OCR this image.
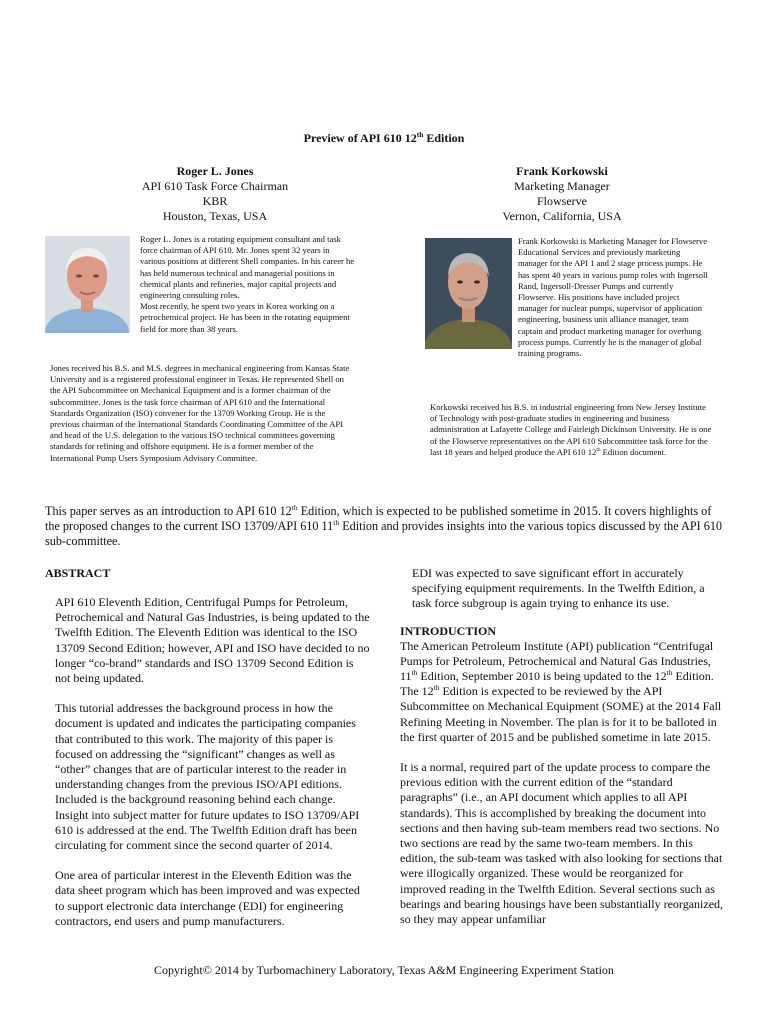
Preview of API 610 12th Edition
Roger L. Jones
API 610 Task Force Chairman
KBR
Houston, Texas, USA
Frank Korkowski
Marketing Manager
Flowserve
Vernon, California, USA

Roger L. Jones is a rotating equipment consultant and task force chairman of API 610. Mr. Jones spent 32 years in various positions at different Shell companies. In his career he has held numerous technical and managerial positions in chemical plants and refineries, major capital projects and engineering consulting roles.

Most recently, he spent two years in Korea working on a petrochemical project. He has been in the rotating equipment field for more than 38 years.

Jones received his B.S. and M.S. degrees in mechanical engineering from Kansas State University and is a registered professional engineer in Texas. He represented Shell on the API Subcommittee on Mechanical Equipment and is a former chairman of the subcommittee. Jones is the task force chairman of API 610 and the International Standards Organization (ISO) convener for the 13709 Working Group. He is the previous chairman of the International Standards Coordinating Committee of the API and head of the U.S. delegation to the various ISO technical committees governing standards for refining and offshore equipment. He is a former member of the International Pump Users Symposium Advisory Committee.

Frank Korkowski is Marketing Manager for Flowserve Educational Services and previously marketing manager for the API 1 and 2 stage process pumps. He has spent 40 years in various pump roles with Ingersoll Rand, Ingersoll-Dresser Pumps and currently Flowserve. His positions have included project manager for nuclear pumps, supervisor of application engineering, business unit alliance manager, team captain and product marketing manager for overhung process pumps. Currently he is the manager of global training programs.

Korkowski received his B.S. in industrial engineering from New Jersey Institute of Technology with post-graduate studies in engineering and business administration at Lafayette College and Fairleigh Dickinson University. He is one of the Flowserve representatives on the API 610 Subcommittee task force for the last 18 years and helped produce the API 610 12th Edition document.

This paper serves as an introduction to API 610 12th Edition, which is expected to be published sometime in 2015. It covers highlights of the proposed changes to the current ISO 13709/API 610 11th Edition and provides insights into the various topics discussed by the API 610 sub-committee.

ABSTRACT

API 610 Eleventh Edition, Centrifugal Pumps for Petroleum, Petrochemical and Natural Gas Industries, is being updated to the Twelfth Edition. The Eleventh Edition was identical to the ISO 13709 Second Edition; however, API and ISO have decided to no longer “co-brand” standards and ISO 13709 Second Edition is not being updated.

This tutorial addresses the background process in how the document is updated and indicates the participating companies that contributed to this work. The majority of this paper is focused on addressing the “significant” changes as well as “other” changes that are of particular interest to the reader in understanding changes from the previous ISO/API editions. Included is the background reasoning behind each change. Insight into subject matter for future updates to ISO 13709/API 610 is addressed at the end. The Twelfth Edition draft has been circulating for comment since the second quarter of 2014.

One area of particular interest in the Eleventh Edition was the data sheet program which has been improved and was expected to support electronic data interchange (EDI) for engineering contractors, end users and pump manufacturers.

EDI was expected to save significant effort in accurately specifying equipment requirements. In the Twelfth Edition, a task force subgroup is again trying to enhance its use.

INTRODUCTION

The American Petroleum Institute (API) publication “Centrifugal Pumps for Petroleum, Petrochemical and Natural Gas Industries, 11th Edition, September 2010 is being updated to the 12th Edition. The 12th Edition is expected to be reviewed by the API Subcommittee on Mechanical Equipment (SOME) at the 2014 Fall Refining Meeting in November. The plan is for it to be balloted in the first quarter of 2015 and be published sometime in late 2015.

It is a normal, required part of the update process to compare the previous edition with the current edition of the “standard paragraphs” (i.e., an API document which applies to all API standards). This is accomplished by breaking the document into sections and then having sub-team members read two sections. No two sections are read by the same two-team members. In this edition, the sub-team was tasked with also looking for sections that were illogically organized. These would be reorganized for improved reading in the Twelfth Edition. Several sections such as bearings and bearing housings have been substantially reorganized, so they may appear unfamiliar

Copyright© 2014 by Turbomachinery Laboratory, Texas A&M Engineering Experiment Station
